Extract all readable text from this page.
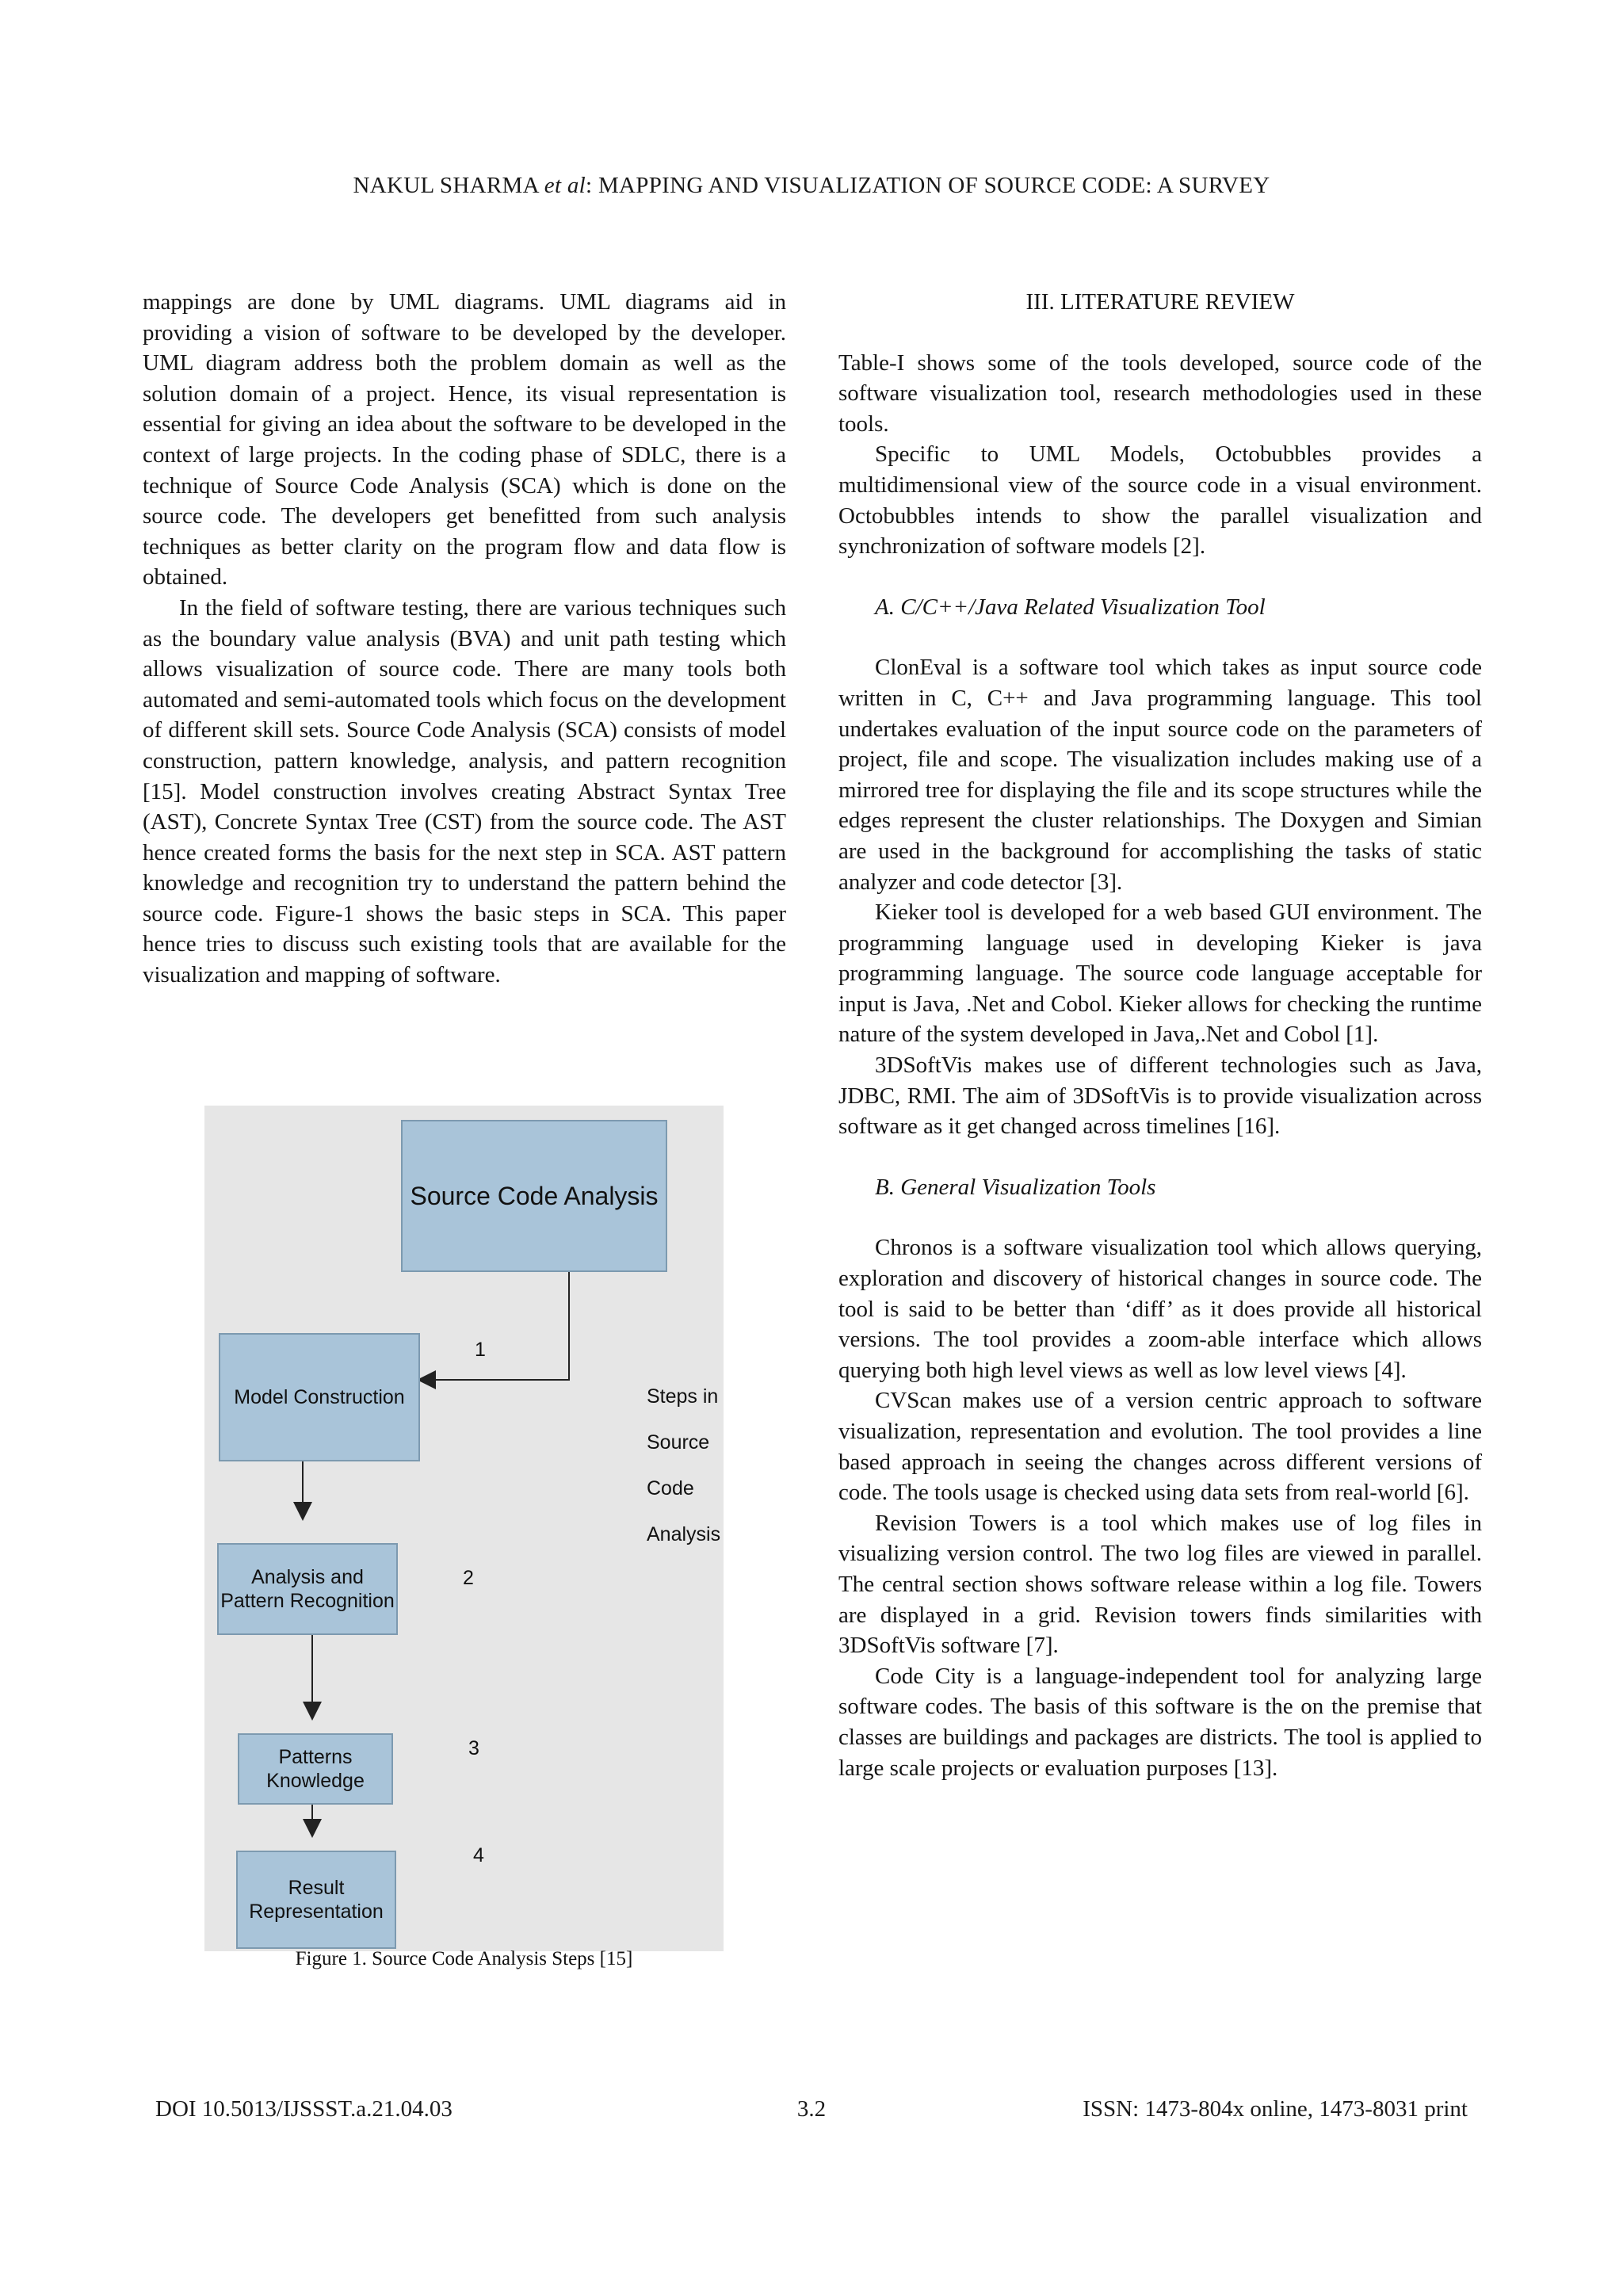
NAKUL SHARMA et al: MAPPING AND VISUALIZATION OF SOURCE CODE: A SURVEY

mappings are done by UML diagrams. UML diagrams aid in providing a vision of software to be developed by the developer. UML diagram address both the problem domain as well as the solution domain of a project. Hence, its visual representation is essential for giving an idea about the software to be developed in the context of large projects. In the coding phase of SDLC, there is a technique of Source Code Analysis (SCA) which is done on the source code. The developers get benefitted from such analysis techniques as better clarity on the program flow and data flow is obtained.

In the field of software testing, there are various techniques such as the boundary value analysis (BVA) and unit path testing which allows visualization of source code. There are many tools both automated and semi-automated tools which focus on the development of different skill sets. Source Code Analysis (SCA) consists of model construction, pattern knowledge, analysis, and pattern recognition [15]. Model construction involves creating Abstract Syntax Tree (AST), Concrete Syntax Tree (CST) from the source code. The AST hence created forms the basis for the next step in SCA. AST pattern knowledge and recognition try to understand the pattern behind the source code. Figure-1 shows the basic steps in SCA. This paper hence tries to discuss such existing tools that are available for the visualization and mapping of software.

Source Code Analysis
Model Construction
Analysis and
Pattern Recognition
Patterns
Knowledge
Result
Representation
1
2
3
4
Steps in
Source
Code
Analysis
Figure 1. Source Code Analysis Steps [15]

III. LITERATURE REVIEW

Table-I shows some of the tools developed, source code of the software visualization tool, research methodologies used in these tools.

Specific to UML Models, Octobubbles provides a multidimensional view of the source code in a visual environment. Octobubbles intends to show the parallel visualization and synchronization of software models [2].

A. C/C++/Java Related Visualization Tool

ClonEval is a software tool which takes as input source code written in C, C++ and Java programming language. This tool undertakes evaluation of the input source code on the parameters of project, file and scope. The visualization includes making use of a mirrored tree for displaying the file and its scope structures while the edges represent the cluster relationships. The Doxygen and Simian are used in the background for accomplishing the tasks of static analyzer and code detector [3].

Kieker tool is developed for a web based GUI environment. The programming language used in developing Kieker is java programming language. The source code language acceptable for input is Java, .Net and Cobol. Kieker allows for checking the runtime nature of the system developed in Java,.Net and Cobol [1].

3DSoftVis makes use of different technologies such as Java, JDBC, RMI. The aim of 3DSoftVis is to provide visualization across software as it get changed across timelines [16].

B. General Visualization Tools

Chronos is a software visualization tool which allows querying, exploration and discovery of historical changes in source code. The tool is said to be better than ‘diff’ as it does provide all historical versions. The tool provides a zoom-able interface which allows querying both high level views as well as low level views [4].

CVScan makes use of a version centric approach to software visualization, representation and evolution. The tool provides a line based approach in seeing the changes across different versions of code. The tools usage is checked using data sets from real-world [6].

Revision Towers is a tool which makes use of log files in visualizing version control. The two log files are viewed in parallel. The central section shows software release within a log file. Towers are displayed in a grid. Revision towers finds similarities with 3DSoftVis software [7].

Code City is a language-independent tool for analyzing large software codes. The basis of this software is the on the premise that classes are buildings and packages are districts. The tool is applied to large scale projects or evaluation purposes [13].

DOI 10.5013/IJSSST.a.21.04.03	3.2	ISSN: 1473-804x online, 1473-8031 print
